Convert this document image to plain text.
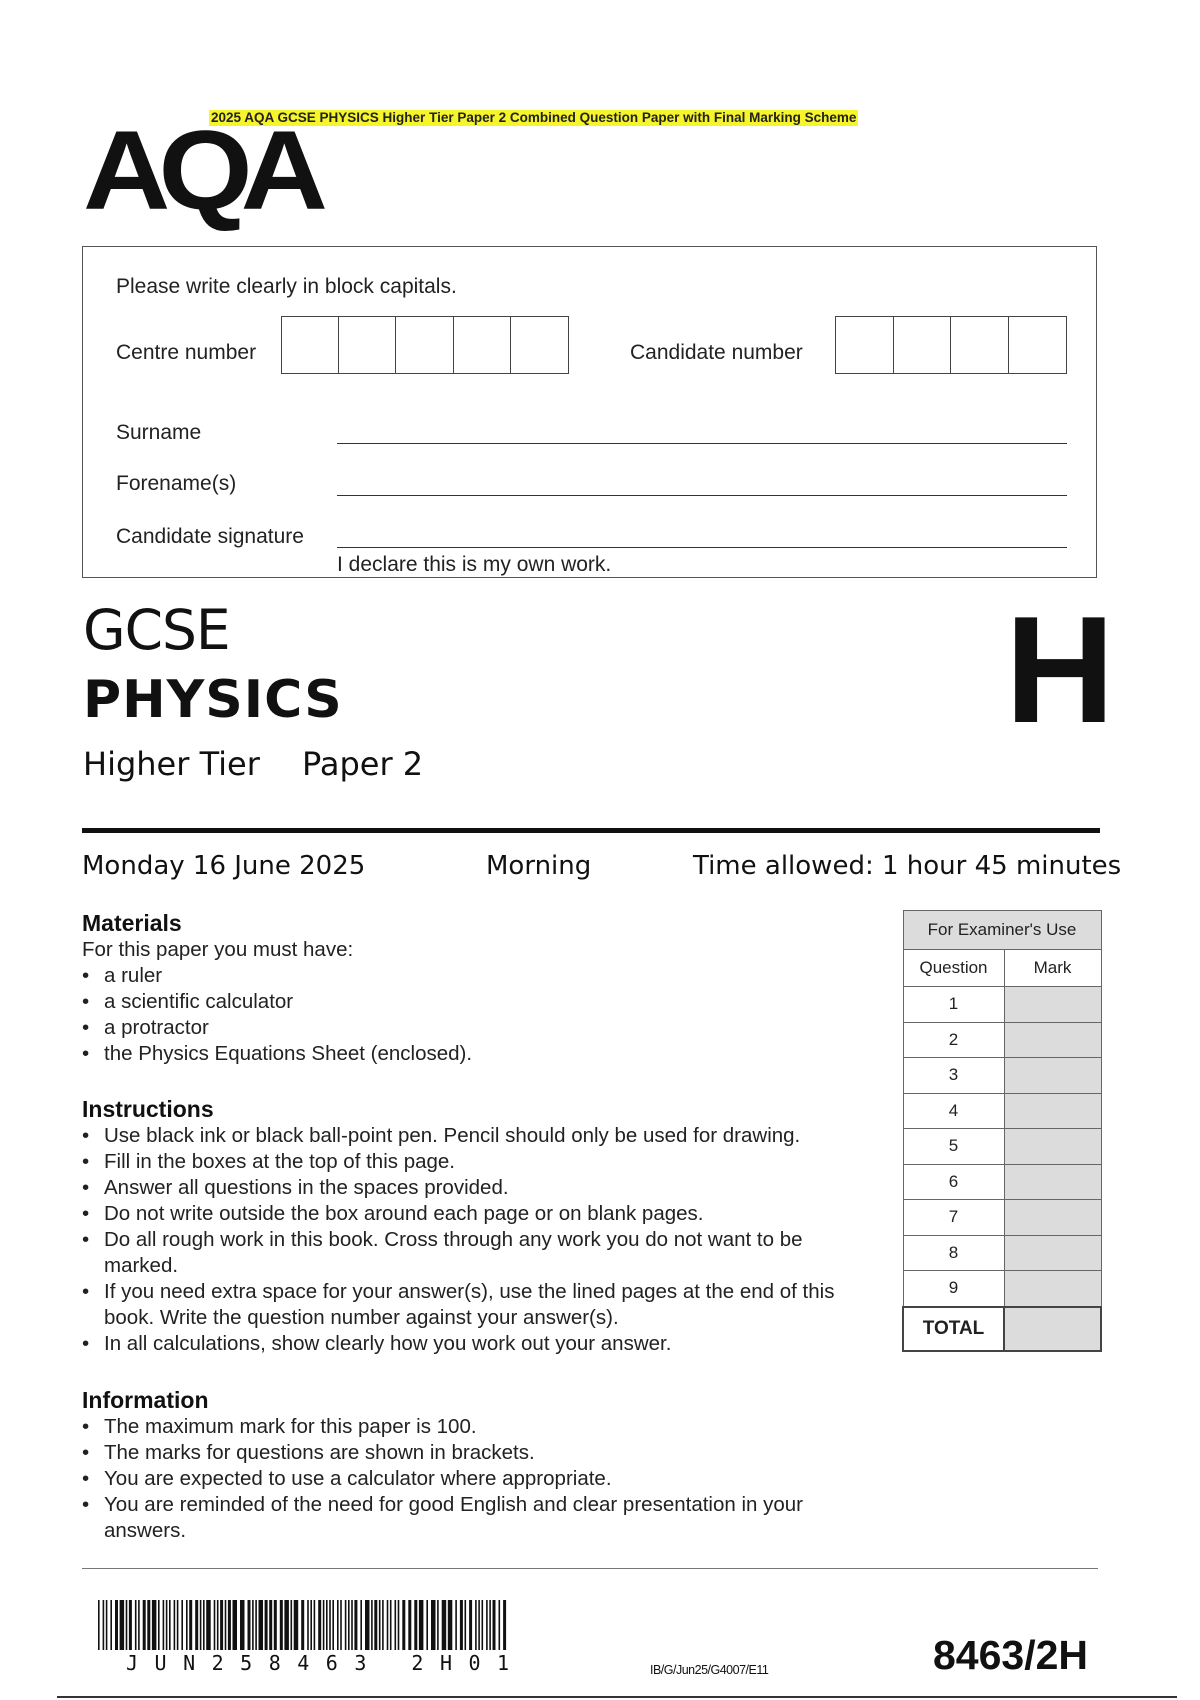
2025 AQA GCSE PHYSICS Higher Tier Paper 2 Combined Question Paper with Final Marking Scheme
AQA
Please write clearly in block capitals.
Centre number	Candidate number
Surname
Forename(s)
Candidate signature
I declare this is my own work.
GCSE
PHYSICS
Higher Tier Paper 2
H
Monday 16 June 2025	Morning	Time allowed: 1 hour 45 minutes
Materials
For this paper you must have:
• a ruler
• a scientific calculator
• a protractor
• the Physics Equations Sheet (enclosed).
Instructions
• Use black ink or black ball-point pen. Pencil should only be used for drawing.
• Fill in the boxes at the top of this page.
• Answer all questions in the spaces provided.
• Do not write outside the box around each page or on blank pages.
• Do all rough work in this book. Cross through any work you do not want to be marked.
• If you need extra space for your answer(s), use the lined pages at the end of this book. Write the question number against your answer(s).
• In all calculations, show clearly how you work out your answer.
Information
• The maximum mark for this paper is 100.
• The marks for questions are shown in brackets.
• You are expected to use a calculator where appropriate.
• You are reminded of the need for good English and clear presentation in your answers.
For Examiner's Use	
Question	Mark
1	
2	
3	
4	
5	
6	
7	
8	
9	
TOTAL	
JUN258463 2H01	IB/G/Jun25/G4007/E11	8463/2H
